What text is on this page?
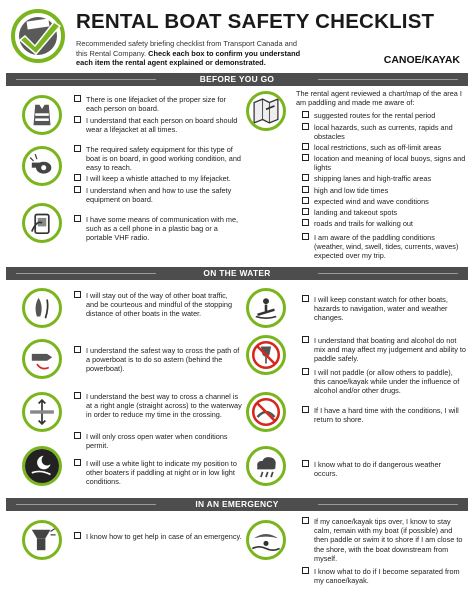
RENTAL BOAT SAFETY CHECKLIST
Recommended safety briefing checklist from Transport Canada and this Rental Company. Check each box to confirm you understand each item the rental agent explained or demonstrated.	CANOE/KAYAK
BEFORE YOU GO
There is one lifejacket of the proper size for each person on board.
I understand that each person on board should wear a lifejacket at all times.
The required safety equipment for this type of boat is on board, in good working condition, and easy to reach.
I will keep a whistle attached to my lifejacket.
I understand when and how to use the safety equipment on board.
I have some means of communication with me, such as a cell phone in a plastic bag or a portable VHF radio.
The rental agent reviewed a chart/map of the area I am paddling and made me aware of:
suggested routes for the rental period
local hazards, such as currents, rapids and obstacles
local restrictions, such as off-limit areas
location and meaning of local buoys, signs and lights
shipping lanes and high-traffic areas
high and low tide times
expected wind and wave conditions
landing and takeout spots
roads and trails for walking out
I am aware of the paddling conditions (weather, wind, swell, tides, currents, waves) expected over my trip.
ON THE WATER
I will stay out of the way of other boat traffic, and be courteous and mindful of the stopping distance of other boats in the water.
I understand the safest way to cross the path of a powerboat is to do so astern (behind the powerboat).
I understand the best way to cross a channel is at a right angle (straight across) to the waterway in order to reduce my time in the crossing.
I will only cross open water when conditions permit.
I will use a white light to indicate my position to other boaters if paddling at night or in low light conditions.
I will keep constant watch for other boats, hazards to navigation, water and weather changes.
I understand that boating and alcohol do not mix and may affect my judgement and ability to paddle safely.
I will not paddle (or allow others to paddle), this canoe/kayak while under the influence of alcohol and/or other drugs.
If I have a hard time with the conditions, I will return to shore.
I know what to do if dangerous weather occurs.
IN AN EMERGENCY
I know how to get help in case of an emergency.
If my canoe/kayak tips over, I know to stay calm, remain with my boat (if possible) and then paddle or swim it to shore if I am close to the shore, with the boat downstream from myself.
I know what to do if I become separated from my canoe/kayak.
